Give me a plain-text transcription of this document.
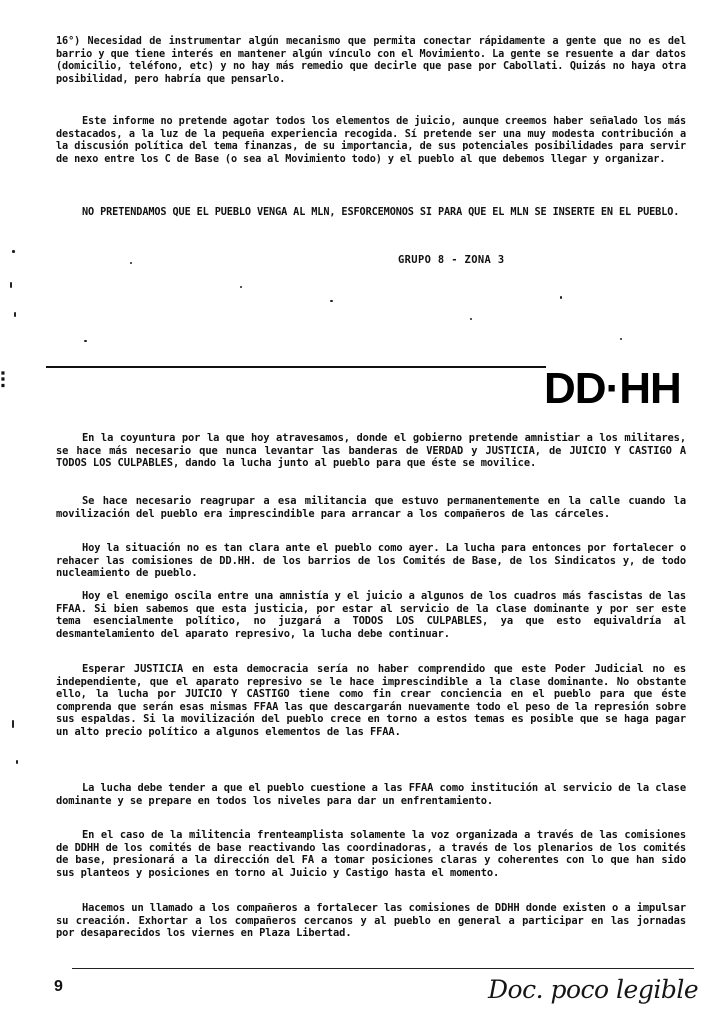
16°) Necesidad de instrumentar algún mecanismo que permita conectar rápidamente a gente que no es del barrio y que tiene interés en mantener algún vínculo con el Movimiento. La gente se resuente a dar datos (domicilio, teléfono, etc) y no hay más remedio que decirle que pase por Cabollati. Quizás no haya otra posibilidad, pero habría que pensarlo.

Este informe no pretende agotar todos los elementos de juicio, aunque creemos haber señalado los más destacados, a la luz de la pequeña experiencia recogida. Sí pretende ser una muy modesta contribución a la discusión política del tema finanzas, de su importancia, de sus potenciales posibilidades para servir de nexo entre los C de Base (o sea al Movimiento todo) y el pueblo al que debemos llegar y organizar.

NO PRETENDAMOS QUE EL PUEBLO VENGA AL MLN, ESFORCEMONOS SI PARA QUE EL MLN SE INSERTE EN EL PUEBLO.

GRUPO 8 - ZONA 3
⫶	DD·HH

En la coyuntura por la que hoy atravesamos, donde el gobierno pretende amnistiar a los militares, se hace más necesario que nunca levantar las banderas de VERDAD y JUSTICIA, de JUICIO Y CASTIGO A TODOS LOS CULPABLES, dando la lucha junto al pueblo para que éste se movilice.

Se hace necesario reagrupar a esa militancia que estuvo permanentemente en la calle cuando la movilización del pueblo era imprescindible para arrancar a los compañeros de las cárceles.

Hoy la situación no es tan clara ante el pueblo como ayer. La lucha para entonces por fortalecer o rehacer las comisiones de DD.HH. de los barrios de los Comités de Base, de los Sindicatos y, de todo nucleamiento de pueblo.

Hoy el enemigo oscila entre una amnistía y el juicio a algunos de los cuadros más fascistas de las FFAA. Si bien sabemos que esta justicia, por estar al servicio de la clase dominante y por ser este tema esencialmente político, no juzgará a TODOS LOS CULPABLES, ya que esto equivaldría al desmantelamiento del aparato represivo, la lucha debe continuar.

Esperar JUSTICIA en esta democracia sería no haber comprendido que este Poder Judicial no es independiente, que el aparato represivo se le hace imprescindible a la clase dominante. No obstante ello, la lucha por JUICIO Y CASTIGO tiene como fin crear conciencia en el pueblo para que éste comprenda que serán esas mismas FFAA las que descargarán nuevamente todo el peso de la represión sobre sus espaldas. Si la movilización del pueblo crece en torno a estos temas es posible que se haga pagar un alto precio político a algunos elementos de las FFAA.

La lucha debe tender a que el pueblo cuestione a las FFAA como institución al servicio de la clase dominante y se prepare en todos los niveles para dar un enfrentamiento.

En el caso de la militencia frenteamplista solamente la voz organizada a través de las comisiones de DDHH de los comités de base reactivando las coordinadoras, a través de los plenarios de los comités de base, presionará a la dirección del FA a tomar posiciones claras y coherentes con lo que han sido sus planteos y posiciones en torno al Juicio y Castigo hasta el momento.

Hacemos un llamado a los compañeros a fortalecer las comisiones de DDHH donde existen o a impulsar su creación. Exhortar a los compañeros cercanos y al pueblo en general a participar en las jornadas por desaparecidos los viernes en Plaza Libertad.

9	Doc. poco legible
